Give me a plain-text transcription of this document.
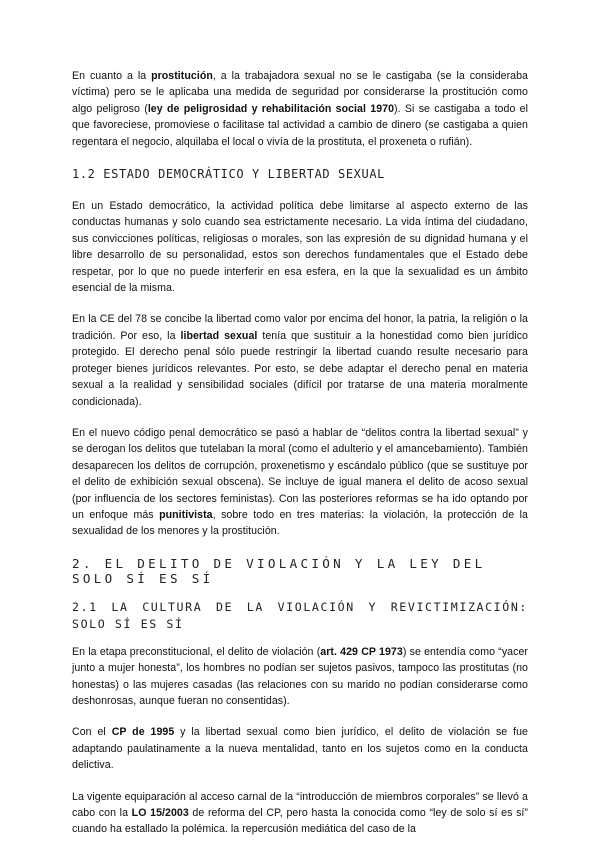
En cuanto a la prostitución, a la trabajadora sexual no se le castigaba (se la consideraba víctima) pero se le aplicaba una medida de seguridad por considerarse la prostitución como algo peligroso (ley de peligrosidad y rehabilitación social 1970). Si se castigaba a todo el que favoreciese, promoviese o facilitase tal actividad a cambio de dinero (se castigaba a quien regentara el negocio, alquilaba el local o vivía de la prostituta, el proxeneta o rufián).

1.2 ESTADO DEMOCRÁTICO Y LIBERTAD SEXUAL

En un Estado democrático, la actividad política debe limitarse al aspecto externo de las conductas humanas y solo cuando sea estrictamente necesario. La vida íntima del ciudadano, sus convicciones políticas, religiosas o morales, son las expresión de su dignidad humana y el libre desarrollo de su personalidad, estos son derechos fundamentales que el Estado debe respetar, por lo que no puede interferir en esa esfera, en la que la sexualidad es un ámbito esencial de la misma.

En la CE del 78 se concibe la libertad como valor por encima del honor, la patria, la religión o la tradición. Por eso, la libertad sexual tenía que sustituir a la honestidad como bien jurídico protegido. El derecho penal sólo puede restringir la libertad cuando resulte necesario para proteger bienes jurídicos relevantes. Por esto, se debe adaptar el derecho penal en materia sexual a la realidad y sensibilidad sociales (difícil por tratarse de una materia moralmente condicionada).

En el nuevo código penal democrático se pasó a hablar de “delitos contra la libertad sexual” y se derogan los delitos que tutelaban la moral (como el adulterio y el amancebamiento). También desaparecen los delitos de corrupción, proxenetismo y escándalo público (que se sustituye por el delito de exhibición sexual obscena). Se incluye de igual manera el delito de acoso sexual (por influencia de los sectores feministas). Con las posteriores reformas se ha ido optando por un enfoque más punitivista, sobre todo en tres materias: la violación, la protección de la sexualidad de los menores y la prostitución.

2. EL DELITO DE VIOLACIÓN Y LA LEY DEL SOLO SÍ ES SÍ
2.1 LA CULTURA DE LA VIOLACIÓN Y REVICTIMIZACIÓN: SOLO SÍ ES SÍ

En la etapa preconstitucional, el delito de violación (art. 429 CP 1973) se entendía como “yacer junto a mujer honesta”, los hombres no podían ser sujetos pasivos, tampoco las prostitutas (no honestas) o las mujeres casadas (las relaciones con su marido no podían considerarse como deshonrosas, aunque fueran no consentidas).

Con el CP de 1995 y la libertad sexual como bien jurídico, el delito de violación se fue adaptando paulatinamente a la nueva mentalidad, tanto en los sujetos como en la conducta delictiva.

La vigente equiparación al acceso carnal de la “introducción de miembros corporales” se llevó a cabo con la LO 15/2003 de reforma del CP, pero hasta la conocida como “ley de solo sí es sí” cuando ha estallado la polémica. la repercusión mediática del caso de la
